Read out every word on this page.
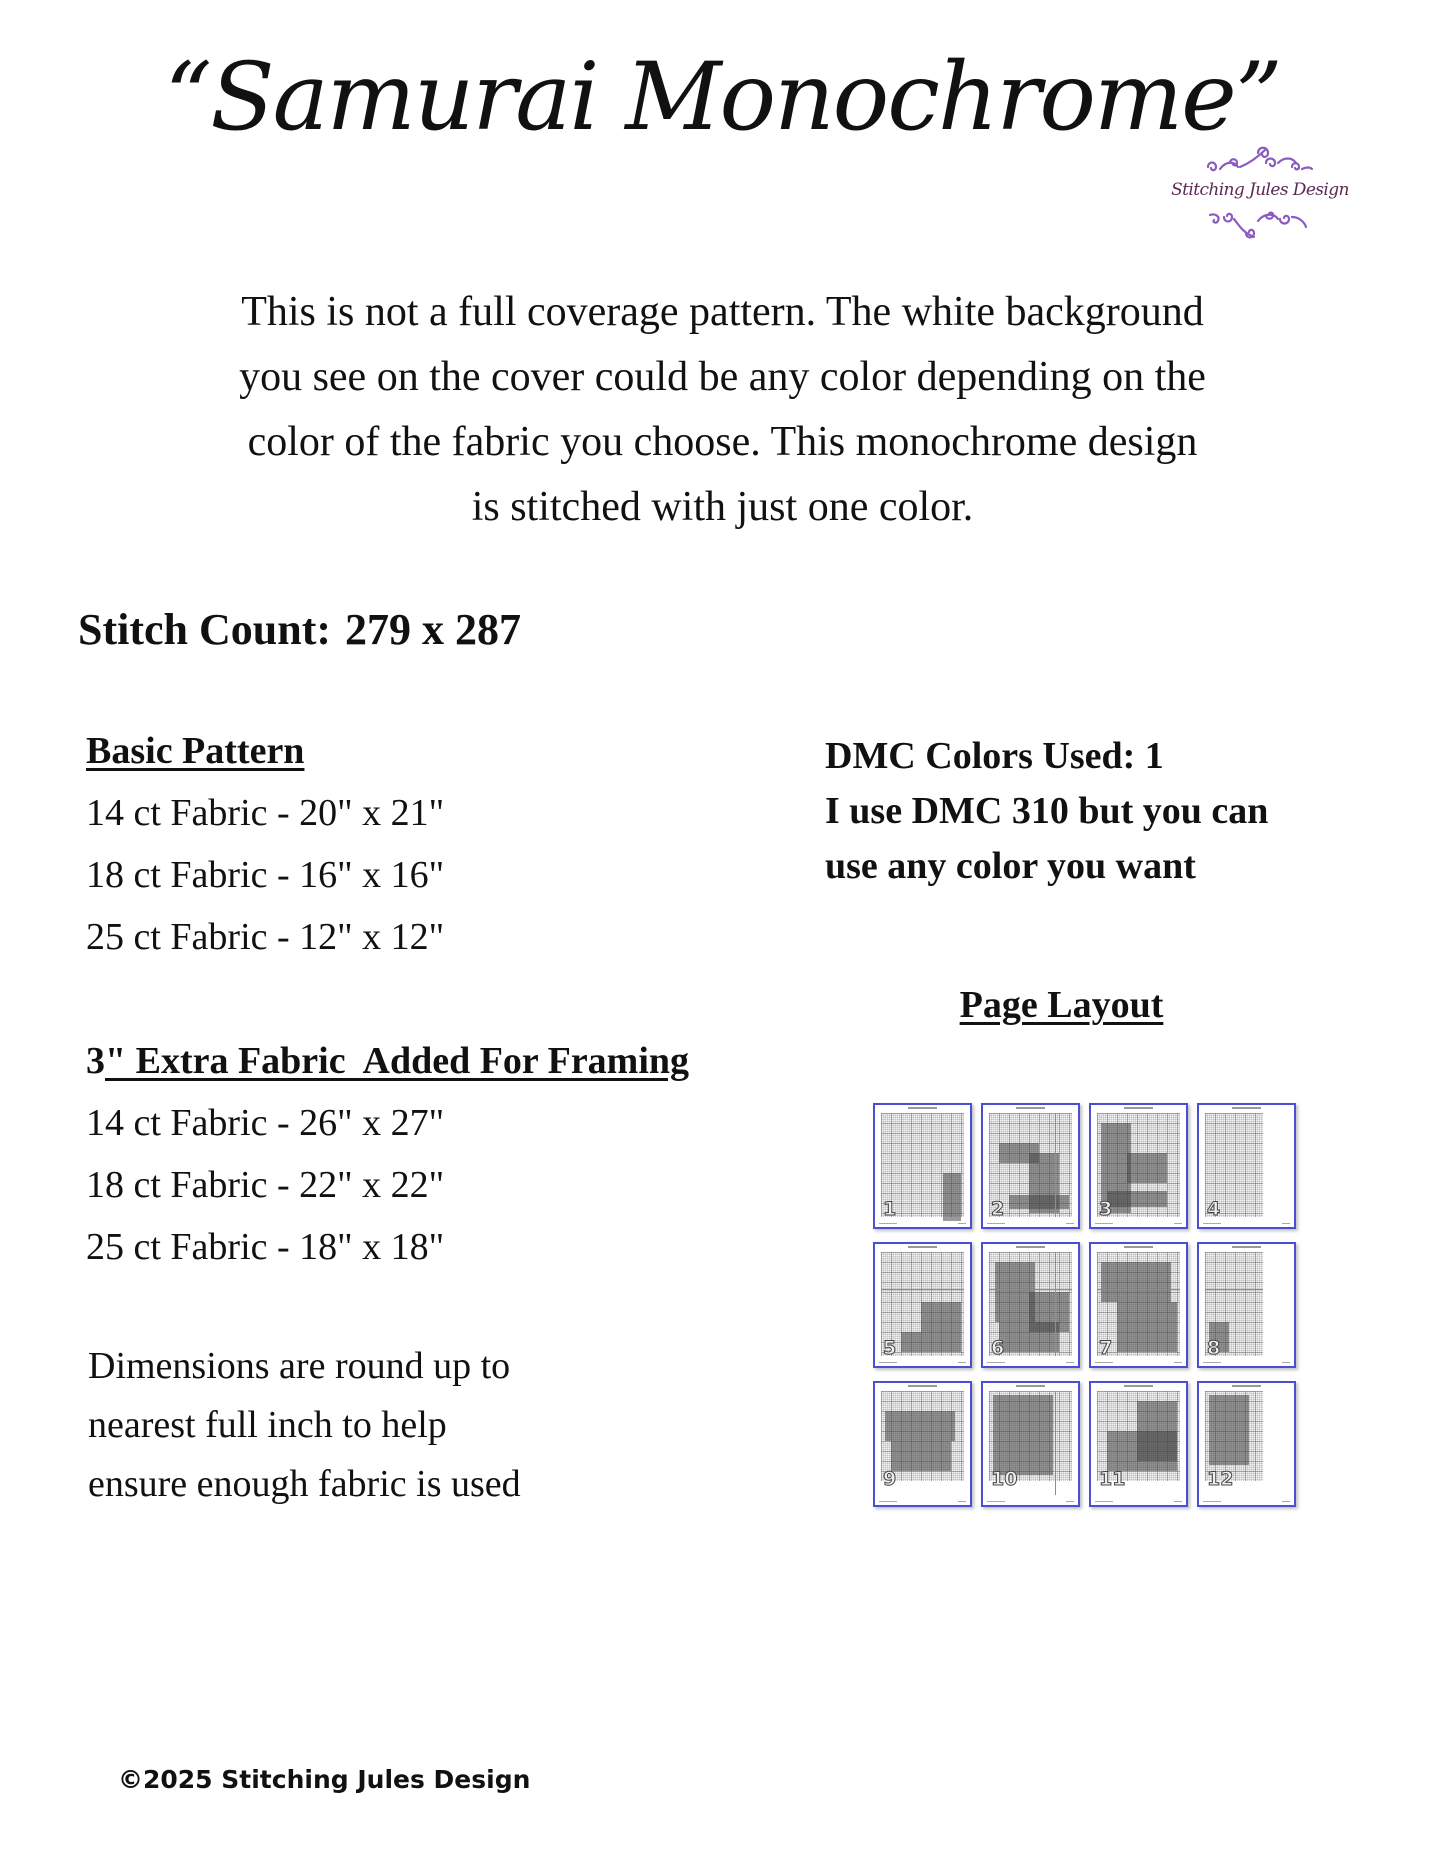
“Samurai Monochrome”
Stitching Jules Design
This is not a full coverage pattern. The white background
you see on the cover could be any color depending on the
color of the fabric you choose. This monochrome design
is stitched with just one color.
Stitch Count: 279 x 287
Basic Pattern
14 ct Fabric - 20" x 21"
18 ct Fabric - 16" x 16"
25 ct Fabric - 12" x 12"
3" Extra Fabric  Added For Framing
14 ct Fabric - 26" x 27"
18 ct Fabric - 22" x 22"
25 ct Fabric - 18" x 18"
Dimensions are round up to
nearest full inch to help
ensure enough fabric is used
DMC Colors Used: 1
I use DMC 310 but you can
use any color you want
Page Layout
1	2	3	4
5	6	7	8
9	10	11	12
©2025 Stitching Jules Design
